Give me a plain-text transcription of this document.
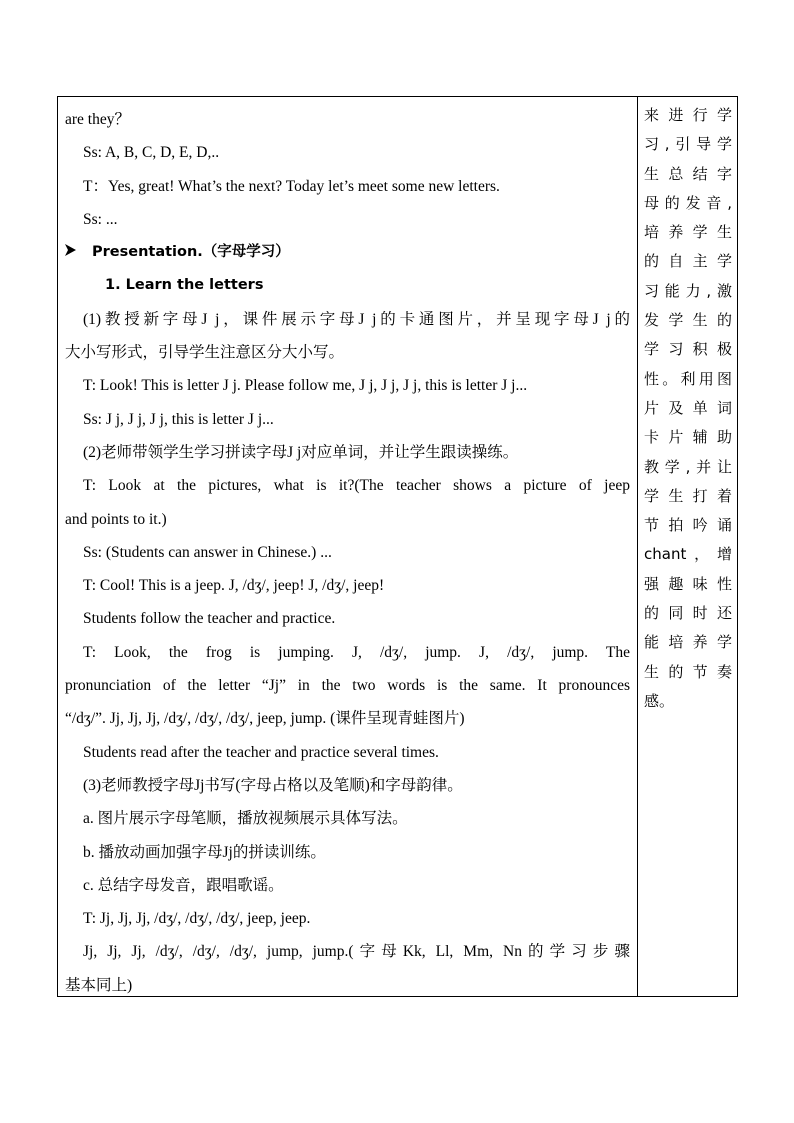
are they？
Ss: A, B, C, D, E, D,..
T：Yes, great! What’s the next? Today let’s meet some new letters.
Ss: ...
Presentation.（字母学习）
1. Learn the letters
(1)教授新字母J j，课件展示字母J j的卡通图片，并呈现字母J j的
大小写形式，引导学生注意区分大小写。
T: Look! This is letter J j. Please follow me, J j, J j, J j, this is letter J j...
Ss: J j, J j, J j, this is letter J j...
(2)老师带领学生学习拼读字母J j对应单词，并让学生跟读操练。
T: Look at the pictures, what is it?(The teacher shows a picture of jeep
and points to it.)
Ss: (Students can answer in Chinese.) ...
T: Cool! This is a jeep. J, /dʒ/, jeep! J, /dʒ/, jeep!
Students follow the teacher and practice.
T: Look, the frog is jumping. J, /dʒ/, jump. J, /dʒ/, jump. The
pronunciation of the letter “Jj” in the two words is the same. It pronounces
“/dʒ/”. Jj, Jj, Jj, /dʒ/, /dʒ/, /dʒ/, jeep, jump. (课件呈现青蛙图片)
Students read after the teacher and practice several times.
(3)老师教授字母Jj书写(字母占格以及笔顺)和字母韵律。
a. 图片展示字母笔顺，播放视频展示具体写法。
b. 播放动画加强字母Jj的拼读训练。
c. 总结字母发音，跟唱歌谣。
T: Jj, Jj, Jj, /dʒ/, /dʒ/, /dʒ/, jeep, jeep.
Jj, Jj, Jj, /dʒ/, /dʒ/, /dʒ/, jump, jump.(字母Kk, Ll, Mm, Nn的学习步骤
基本同上)
来进行学
习,引导学
生总结字
母的发音,
培养学生
的自主学
习能力,激
发学生的
学习积极
性。利用图
片及单词
卡片辅助
教学,并让
学生打着
节拍吟诵
chant，增
强趣味性
的同时还
能培养学
生的节奏
感。
